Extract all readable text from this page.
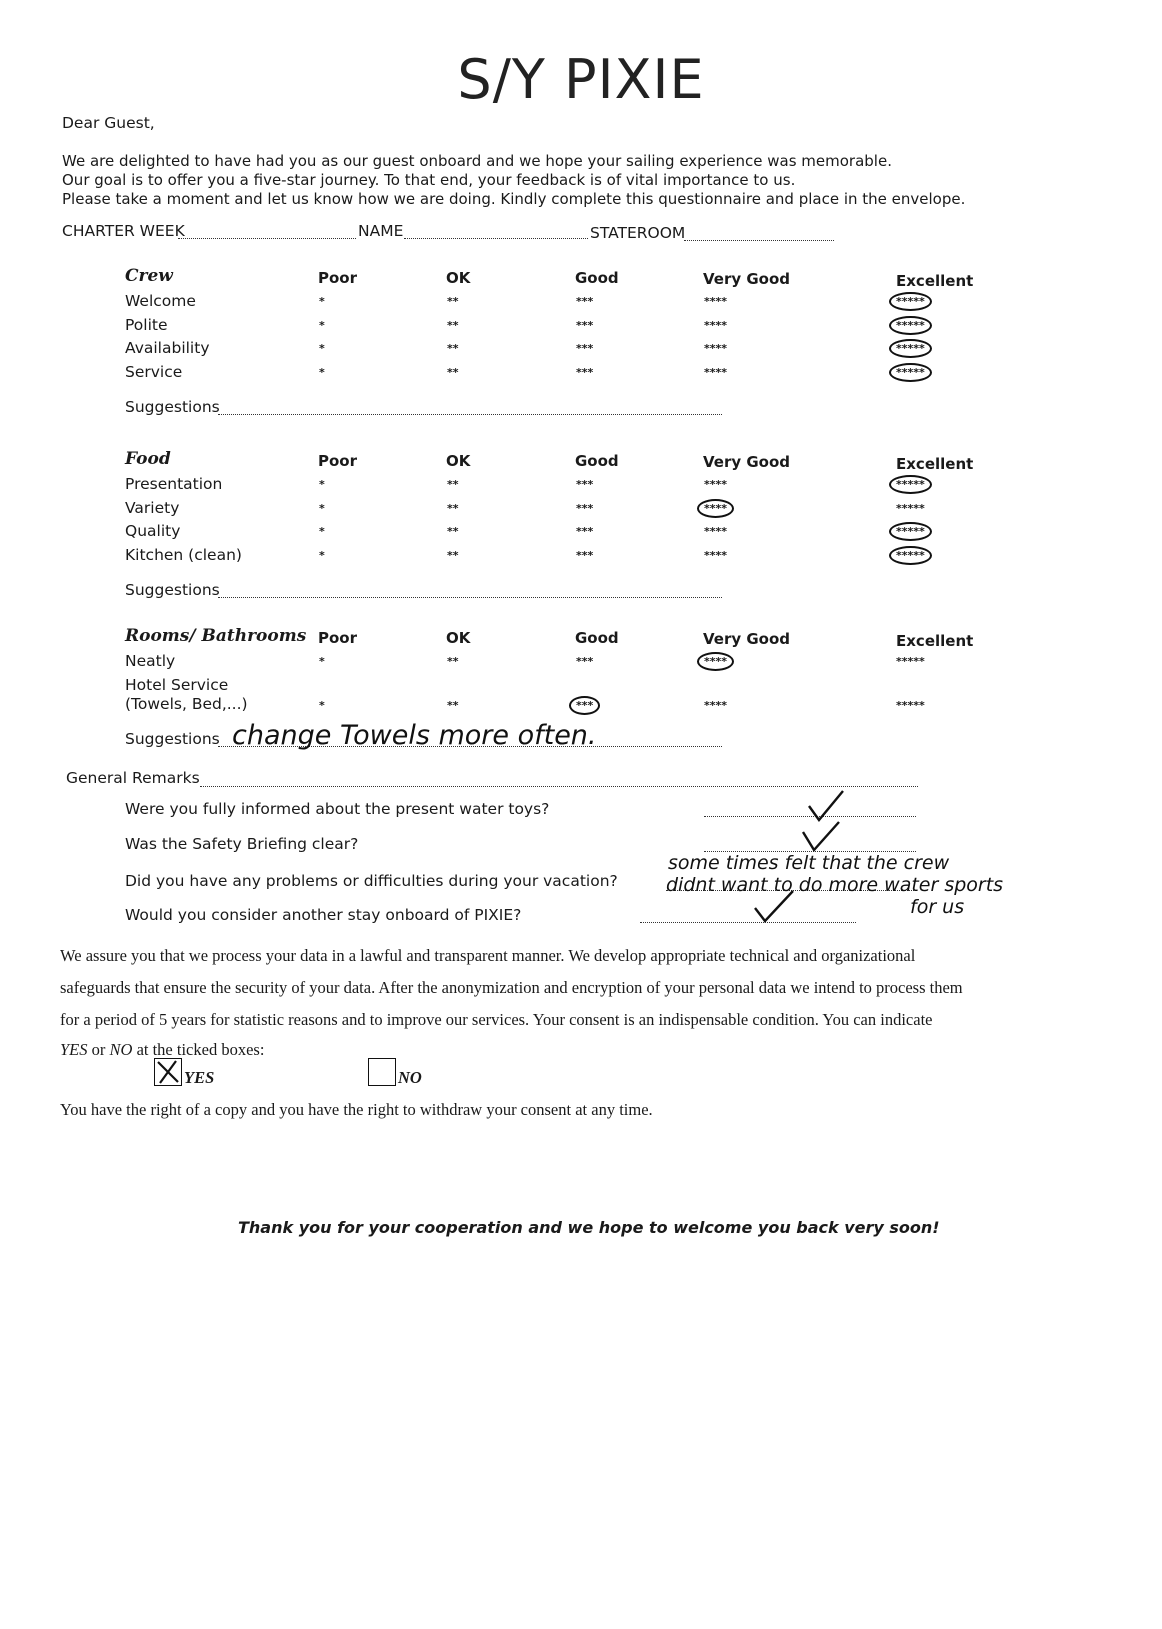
S/Y PIXIE
Dear Guest,
We are delighted to have had you as our guest onboard and we hope your sailing experience was memorable.
Our goal is to offer you a five-star journey. To that end, your feedback is of vital importance to us.
Please take a moment and let us know how we are doing. Kindly complete this questionnaire and place in the envelope.
CHARTER WEEK	NAME	STATEROOM
Crew	Poor	OK	Good	Very Good	Excellent
Welcome	*	**	***	****	*****
Polite	*	**	***	****	*****
Availability	*	**	***	****	*****
Service	*	**	***	****	*****
Suggestions
Food	Poor	OK	Good	Very Good	Excellent
Presentation	*	**	***	****	*****
Variety	*	**	***	****	*****
Quality	*	**	***	****	*****
Kitchen (clean)	*	**	***	****	*****
Suggestions
Rooms/ Bathrooms Poor	OK	Good	Very Good	Excellent
Neatly	*	**	***	****	*****
Hotel Service
(Towels, Bed,...)	*	**	***	****	*****
Suggestions change Towels more often.
General Remarks
Were you fully informed about the present water toys?
Was the Safety Briefing clear?
Did you have any problems or difficulties during your vacation?
some times felt that the crew
didnt want to do more water sports
for us
Would you consider another stay onboard of PIXIE?
We assure you that we process your data in a lawful and transparent manner. We develop appropriate technical and organizational
safeguards that ensure the security of your data. After the anonymization and encryption of your personal data we intend to process them
for a period of 5 years for statistic reasons and to improve our services. Your consent is an indispensable condition. You can indicate
YES or NO at the ticked boxes:
YES	NO
You have the right of a copy and you have the right to withdraw your consent at any time.
Thank you for your cooperation and we hope to welcome you back very soon!
